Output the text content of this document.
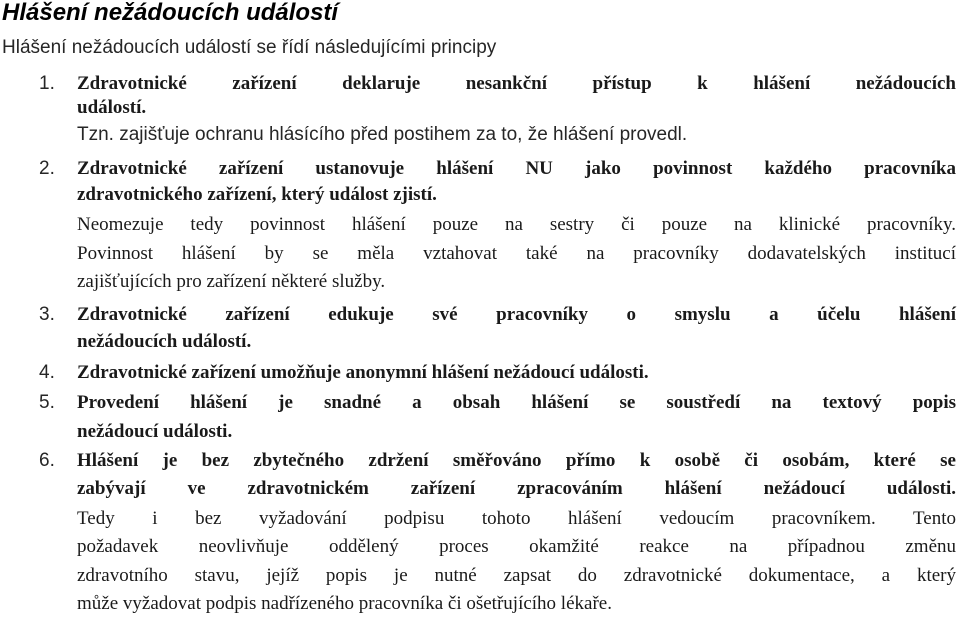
Hlášení nežádoucích událostí
Hlášení nežádoucích událostí se řídí následujícími principy
1. Zdravotnické zařízení deklaruje nesankční přístup k hlášení nežádoucích
událostí.
Tzn. zajišťuje ochranu hlásícího před postihem za to, že hlášení provedl.
2. Zdravotnické zařízení ustanovuje hlášení NU jako povinnost každého pracovníka
zdravotnického zařízení, který událost zjistí.
Neomezuje tedy povinnost hlášení pouze na sestry či pouze na klinické pracovníky.
Povinnost hlášení by se měla vztahovat také na pracovníky dodavatelských institucí
zajišťujících pro zařízení některé služby.
3. Zdravotnické zařízení edukuje své pracovníky o smyslu a účelu hlášení
nežádoucích událostí.
4. Zdravotnické zařízení umožňuje anonymní hlášení nežádoucí události.
5. Provedení hlášení je snadné a obsah hlášení se soustředí na textový popis
nežádoucí události.
6. Hlášení je bez zbytečného zdržení směřováno přímo k osobě či osobám, které se
zabývají ve zdravotnickém zařízení zpracováním hlášení nežádoucí události.
Tedy i bez vyžadování podpisu tohoto hlášení vedoucím pracovníkem. Tento
požadavek neovlivňuje oddělený proces okamžité reakce na případnou změnu
zdravotního stavu, jejíž popis je nutné zapsat do zdravotnické dokumentace, a který
může vyžadovat podpis nadřízeného pracovníka či ošetřujícího lékaře.
